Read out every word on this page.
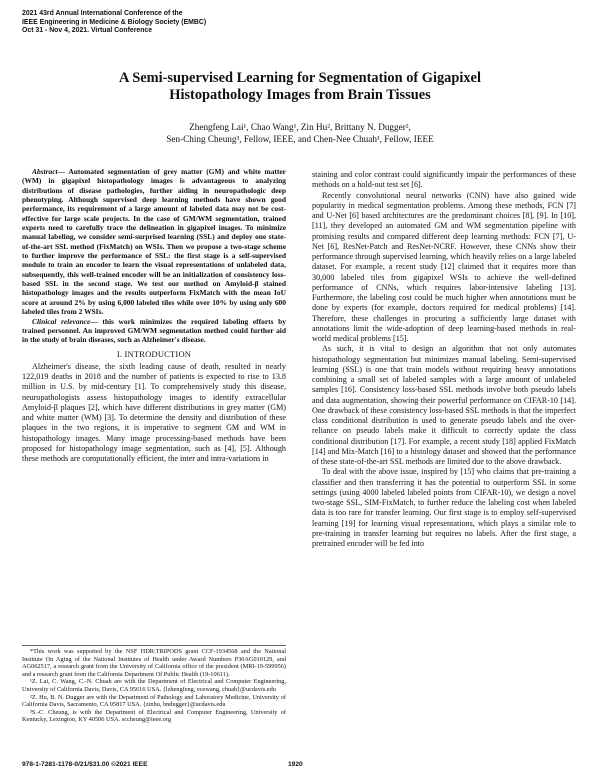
2021 43rd Annual International Conference of the
IEEE Engineering in Medicine & Biology Society (EMBC)
Oct 31 - Nov 4, 2021. Virtual Conference
A Semi-supervised Learning for Segmentation of Gigapixel
Histopathology Images from Brain Tissues
Zhengfeng Lai¹, Chao Wang¹, Zin Hu², Brittany N. Dugger²,
Sen-Ching Cheung³, Fellow, IEEE, and Chen-Nee Chuah¹, Fellow, IEEE

Abstract— Automated segmentation of grey matter (GM) and white matter (WM) in gigapixel histopathology images is advantageous to analyzing distributions of disease pathologies, further aiding in neuropathologic deep phenotyping. Although supervised deep learning methods have shown good performance, its requirement of a large amount of labeled data may not be cost-effective for large scale projects. In the case of GM/WM segmentation, trained experts need to carefully trace the delineation in gigapixel images. To minimize manual labeling, we consider semi-surprised learning (SSL) and deploy one state-of-the-art SSL method (FixMatch) on WSIs. Then we propose a two-stage scheme to further improve the performance of SSL: the first stage is a self-supervised module to train an encoder to learn the visual representations of unlabeled data, subsequently, this well-trained encoder will be an initialization of consistency loss-based SSL in the second stage. We test our method on Amyloid-β stained histopathology images and the results outperform FixMatch with the mean IoU score at around 2% by using 6,000 labeled tiles while over 10% by using only 600 labeled tiles from 2 WSIs.

Clinical relevance— this work minimizes the required labeling efforts by trained personnel. An improved GM/WM segmentation method could further aid in the study of brain diseases, such as Alzheimer's disease.

I. INTRODUCTION

Alzheimer's disease, the sixth leading cause of death, resulted in nearly 122,019 deaths in 2018 and the number of patients is expected to rise to 13.8 million in U.S. by mid-century [1]. To comprehensively study this disease, neuropathologists assess histopathology images to identify extracellular Amyloid-β plaques [2], which have different distributions in grey matter (GM) and white matter (WM) [3]. To determine the density and distribution of these plaques in the two regions, it is imperative to segment GM and WM in histopathology images. Many image processing-based methods have been proposed for histopathology image segmentation, such as [4], [5]. Although these methods are computationally efficient, the inter and intra-variations in

*This work was supported by the NSF HDR:TRIPODS grant CCF-1934568 and the National Institute On Aging of the National Institutes of Health under Award Numbers P30AG010129, and AG062517, a research grant from the University of California office of the president (MRI-19-599956) and a research grant from the California Department Of Public Health (19-10611).

¹Z. Lai, C. Wang, C.-N. Chuah are with the Department of Electrical and Computer Engineering, University of California Davis, Davis, CA 95616 USA. {lzhengfeng, ecewang, chuah}@ucdavis.edu

²Z. Hu, B. N. Dugger are with the Department of Pathology and Laboratory Medicine, University of California Davis, Sacramento, CA 95817 USA. {zinhu, bndugger}@ucdavis.edu

³S.-C. Cheung, is with the Department of Electrical and Computer Engineering, University of Kentucky, Lexington, KY 40506 USA. sccheung@ieee.org

staining and color contrast could significantly impair the performances of these methods on a hold-out test set [6].

Recently convolutional neural networks (CNN) have also gained wide popularity in medical segmentation problems. Among these methods, FCN [7] and U-Net [6] based architectures are the predominant choices [8], [9]. In [10], [11], they developed an automated GM and WM segmentation pipeline with promising results and compared different deep learning methods: FCN [7], U-Net [6], ResNet-Patch and ResNet-NCRF. However, these CNNs show their performance through supervised learning, which heavily relies on a large labeled dataset. For example, a recent study [12] claimed that it requires more than 30,000 labeled tiles from gigapixel WSIs to achieve the well-defined performance of CNNs, which requires labor-intensive labeling [13]. Furthermore, the labeling cost could be much higher when annotations must be done by experts (for example, doctors required for medical problems) [14]. Therefore, these challenges in procuring a sufficiently large dataset with annotations limit the wide-adoption of deep learning-based methods in real-world medical problems [15].

As such, it is vital to design an algorithm that not only automates histopathology segmentation but minimizes manual labeling. Semi-supervised learning (SSL) is one that train models without requiring heavy annotations combining a small set of labeled samples with a large amount of unlabeled samples [16]. Consistency loss-based SSL methods involve both pseudo labels and data augmentation, showing their powerful performance on CIFAR-10 [14]. One drawback of these consistency loss-based SSL methods is that the imperfect class conditional distribution is used to generate pseudo labels and the over-reliance on pseudo labels make it difficult to correctly update the class conditional distribution [17]. For example, a recent study [18] applied FixMatch [14] and Mix-Match [16] to a histology dataset and showed that the performance of these state-of-the-art SSL methods are limited due to the above drawback.

To deal with the above issue, inspired by [15] who claims that pre-training a classifier and then transferring it has the potential to outperform SSL in some settings (using 4000 labeled labeled points from CIFAR-10), we design a novel two-stage SSL, SIM-FixMatch, to further reduce the labeling cost when labeled data is too rare for transfer learning. Our first stage is to employ self-supervised learning [19] for learning visual representations, which plays a similar role to pre-training in transfer learning but requires no labels. After the first stage, a pretrained encoder will be fed into

978-1-7281-1178-0/21/$31.00 ©2021 IEEE	1920
